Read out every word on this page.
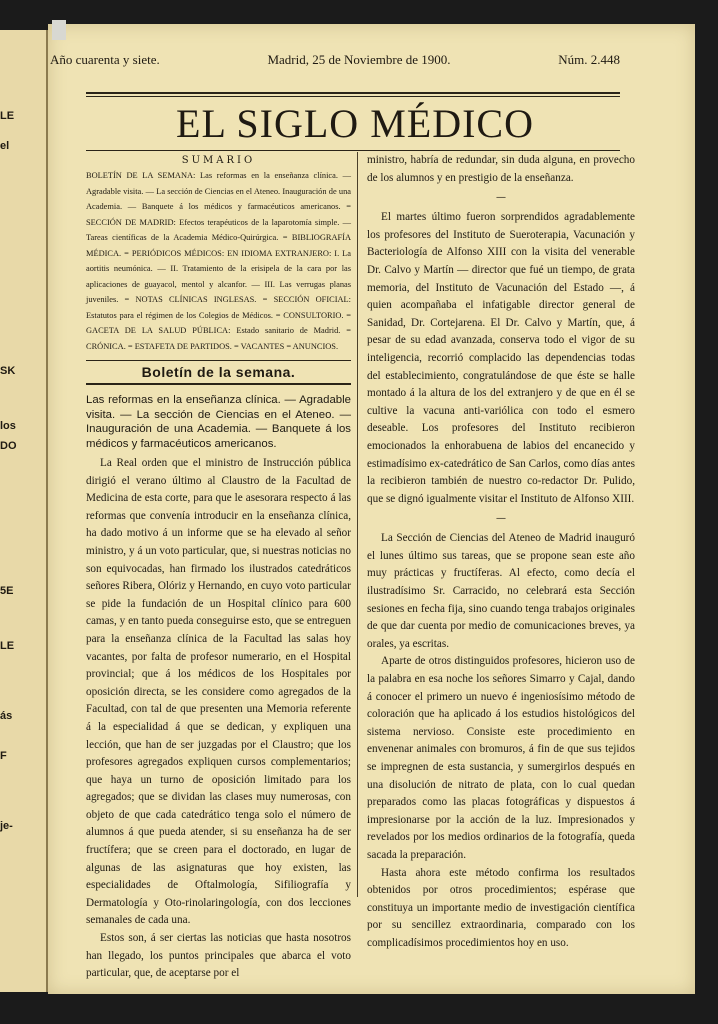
LE
el
SK
los
DO
5E
LE
ás
F
je-
Año cuarenta y siete.	Madrid, 25 de Noviembre de 1900.	Núm. 2.448
EL SIGLO MÉDICO
SUMARIO
BOLETÍN DE LA SEMANA: Las reformas en la enseñanza clínica. — Agradable visita. — La sección de Ciencias en el Ateneo. Inauguración de una Academia. — Banquete á los médicos y farmacéuticos americanos. = SECCIÓN DE MADRID: Efectos terapéuticos de la laparotomía simple. — Tareas científicas de la Academia Médico-Quirúrgica. = BIBLIOGRAFÍA MÉDICA. = PERIÓDICOS MÉDICOS: EN IDIOMA EXTRANJERO: I. La aortitis neumónica. — II. Tratamiento de la erisipela de la cara por las aplicaciones de guayacol, mentol y alcanfor. — III. Las verrugas planas juveniles. = NOTAS CLÍNICAS INGLESAS. = SECCIÓN OFICIAL: Estatutos para el régimen de los Colegios de Médicos. = CONSULTORIO. = GACETA DE LA SALUD PÚBLICA: Estado sanitario de Madrid. = CRÓNICA. = ESTAFETA DE PARTIDOS. = VACANTES = ANUNCIOS.
Boletín de la semana.

Las reformas en la enseñanza clínica. — Agradable visita. — La sección de Ciencias en el Ateneo. — Inauguración de una Academia. — Banquete á los médicos y farmacéuticos americanos.

La Real orden que el ministro de Instrucción pública dirigió el verano último al Claustro de la Facultad de Medicina de esta corte, para que le asesorara respecto á las reformas que convenía introducir en la enseñanza clínica, ha dado motivo á un informe que se ha elevado al señor ministro, y á un voto particular, que, si nuestras noticias no son equivocadas, han firmado los ilustrados catedráticos señores Ribera, Olóriz y Hernando, en cuyo voto particular se pide la fundación de un Hospital clínico para 600 camas, y en tanto pueda conseguirse esto, que se entreguen para la enseñanza clínica de la Facultad las salas hoy vacantes, por falta de profesor numerario, en el Hospital provincial; que á los médicos de los Hospitales por oposición directa, se les considere como agregados de la Facultad, con tal de que presenten una Memoria referente á la especialidad á que se dedican, y expliquen una lección, que han de ser juzgadas por el Claustro; que los profesores agregados expliquen cursos complementarios; que haya un turno de oposición limitado para los agregados; que se dividan las clases muy numerosas, con objeto de que cada catedrático tenga solo el número de alumnos á que pueda atender, si su enseñanza ha de ser fructífera; que se creen para el doctorado, en lugar de algunas de las asignaturas que hoy existen, las especialidades de Oftalmología, Sifiliografía y Dermatología y Oto-rinolaringología, con dos lecciones semanales de cada una.

Estos son, á ser ciertas las noticias que hasta nosotros han llegado, los puntos principales que abarca el voto particular, que, de aceptarse por el

ministro, habría de redundar, sin duda alguna, en provecho de los alumnos y en prestigio de la enseñanza.

—

El martes último fueron sorprendidos agradablemente los profesores del Instituto de Sueroterapia, Vacunación y Bacteriología de Alfonso XIII con la visita del venerable Dr. Calvo y Martín — director que fué un tiempo, de grata memoria, del Instituto de Vacunación del Estado —, á quien acompañaba el infatigable director general de Sanidad, Dr. Cortejarena. El Dr. Calvo y Martín, que, á pesar de su edad avanzada, conserva todo el vigor de su inteligencia, recorrió complacido las dependencias todas del establecimiento, congratulándose de que éste se halle montado á la altura de los del extranjero y de que en él se cultive la vacuna anti-variólica con todo el esmero deseable. Los profesores del Instituto recibieron emocionados la enhorabuena de labios del encanecido y estimadísimo ex-catedrático de San Carlos, como días antes la recibieron también de nuestro co-redactor Dr. Pulido, que se dignó igualmente visitar el Instituto de Alfonso XIII.

—

La Sección de Ciencias del Ateneo de Madrid inauguró el lunes último sus tareas, que se propone sean este año muy prácticas y fructíferas. Al efecto, como decía el ilustradísimo Sr. Carracido, no celebrará esta Sección sesiones en fecha fija, sino cuando tenga trabajos originales de que dar cuenta por medio de comunicaciones breves, ya orales, ya escritas.

Aparte de otros distinguidos profesores, hicieron uso de la palabra en esa noche los señores Simarro y Cajal, dando á conocer el primero un nuevo é ingeniosísimo método de coloración que ha aplicado á los estudios histológicos del sistema nervioso. Consiste este procedimiento en envenenar animales con bromuros, á fin de que sus tejidos se impregnen de esta sustancia, y sumergirlos después en una disolución de nitrato de plata, con lo cual quedan preparados como las placas fotográficas y dispuestos á impresionarse por la acción de la luz. Impresionados y revelados por los medios ordinarios de la fotografía, queda sacada la preparación.

Hasta ahora este método confirma los resultados obtenidos por otros procedimientos; espérase que constituya un importante medio de investigación científica por su sencillez extraordinaria, comparado con los complicadísimos procedimientos hoy en uso.
